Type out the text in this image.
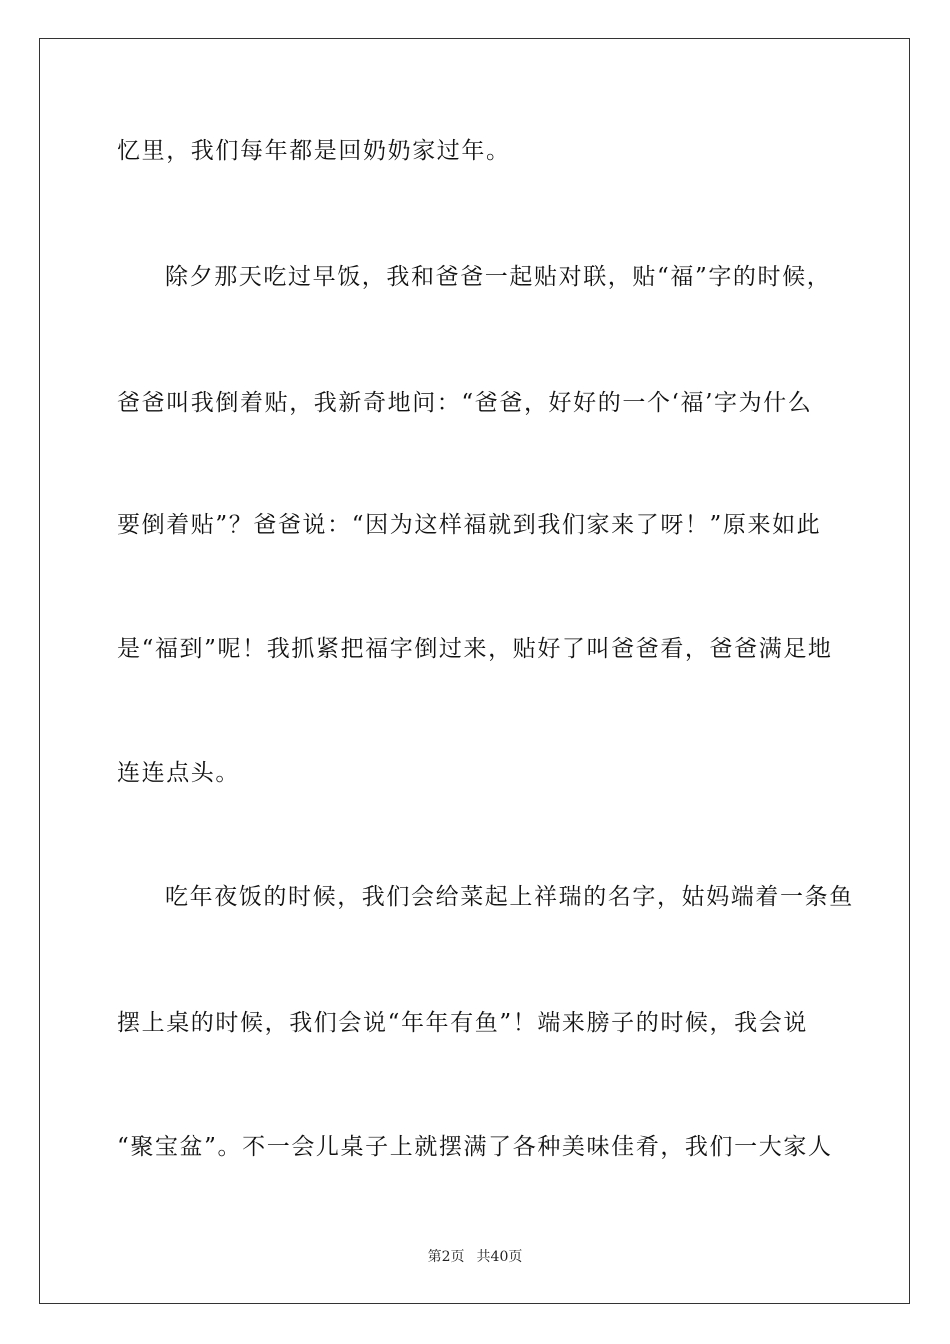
忆里，我们每年都是回奶奶家过年。
除夕那天吃过早饭，我和爸爸一起贴对联，贴“福”字的时候，
爸爸叫我倒着贴，我新奇地问：“爸爸，好好的一个‘福’字为什么
要倒着贴”？爸爸说：“因为这样福就到我们家来了呀！”原来如此
是“福到”呢！我抓紧把福字倒过来，贴好了叫爸爸看，爸爸满足地
连连点头。
吃年夜饭的时候，我们会给菜起上祥瑞的名字，姑妈端着一条鱼
摆上桌的时候，我们会说“年年有鱼”！端来膀子的时候，我会说
“聚宝盆”。不一会儿桌子上就摆满了各种美味佳肴，我们一大家人
第2页 共40页
